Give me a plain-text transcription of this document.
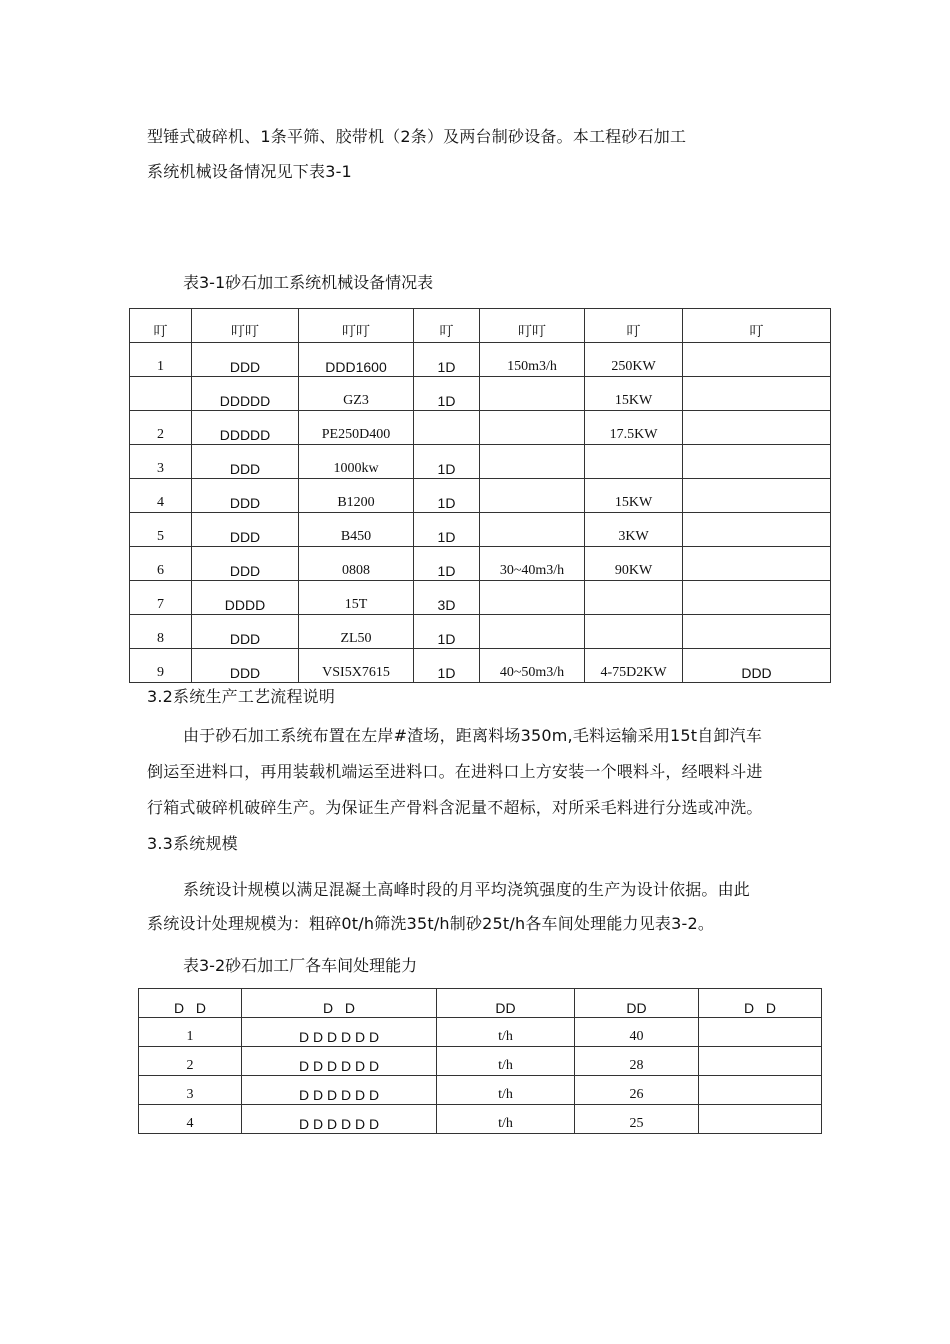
型锤式破碎机、1条平筛、胶带机（2条）及两台制砂设备。本工程砂石加工
系统机械设备情况见下表3-1
表3-1砂石加工系统机械设备情况表
叮	叮叮	叮叮	叮	叮叮	叮	叮
1	DDD	DDD1600	1D	150m3/h	250KW	
	DDDDD	GZ3	1D		15KW	
2	DDDDD	PE250D400			17.5KW	
3	DDD	1000kw	1D			
4	DDD	B1200	1D		15KW	
5	DDD	B450	1D		3KW	
6	DDD	0808	1D	30~40m3/h	90KW	
7	DDDD	15T	3D			
8	DDD	ZL50	1D			
9	DDD	VSI5X7615	1D	40~50m3/h	4-75D2KW	DDD
3.2系统生产工艺流程说明
由于砂石加工系统布置在左岸#渣场，距离料场350m,毛料运输采用15t自卸汽车
倒运至进料口，再用装载机端运至进料口。在进料口上方安装一个喂料斗，经喂料斗进
行箱式破碎机破碎生产。为保证生产骨料含泥量不超标，对所采毛料进行分选或冲洗。
3.3系统规模
系统设计规模以满足混凝土高峰时段的月平均浇筑强度的生产为设计依据。由此
系统设计处理规模为：粗碎0t/h筛洗35t/h制砂25t/h各车间处理能力见表3-2。
表3-2砂石加工厂各车间处理能力
D   D	D   D	DD	DD	D   D
1	D D D D D D	t/h	40	
2	D D D D D D	t/h	28	
3	D D D D D D	t/h	26	
4	D D D D D D	t/h	25	
